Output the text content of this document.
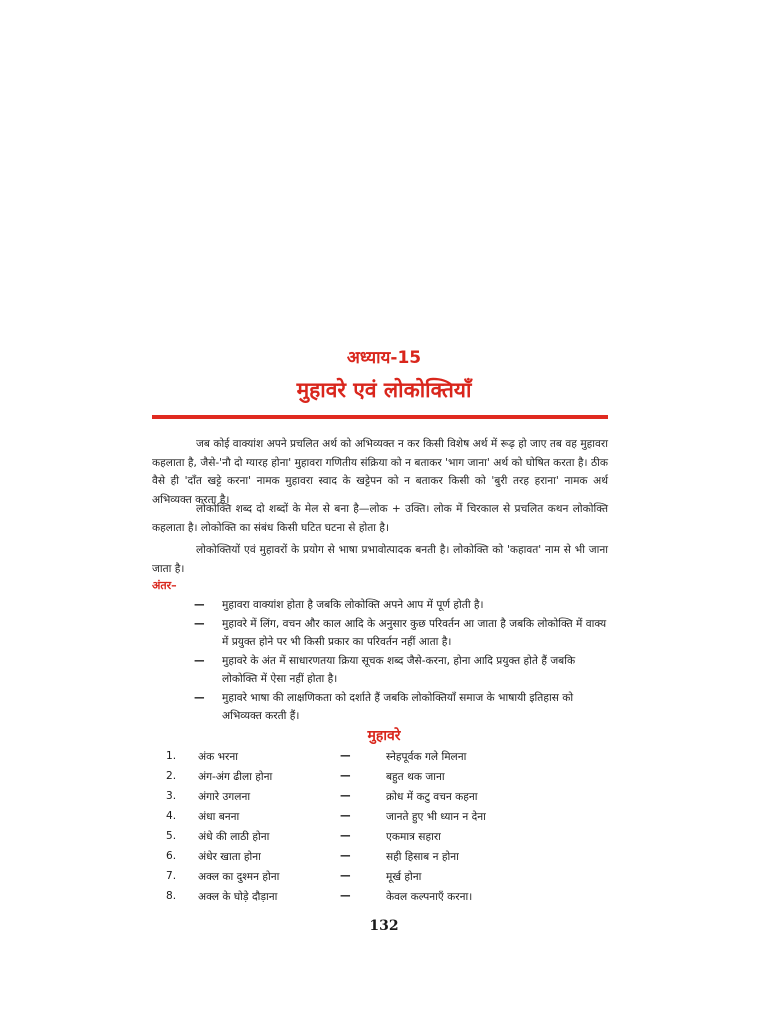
अध्याय-15
मुहावरे एवं लोकोक्तियाँ

जब कोई वाक्यांश अपने प्रचलित अर्थ को अभिव्यक्त न कर किसी विशेष अर्थ में रूढ़ हो जाए तब वह मुहावरा कहलाता है, जैसे-'नौ दो ग्यारह होना' मुहावरा गणितीय संक्रिया को न बताकर 'भाग जाना' अर्थ को घोषित करता है। ठीक वैसे ही 'दाँत खट्टे करना' नामक मुहावरा स्वाद के खट्टेपन को न बताकर किसी को 'बुरी तरह हराना' नामक अर्थ अभिव्यक्त करता है।

लोकोक्ति शब्द दो शब्दों के मेल से बना है—लोक + उक्ति। लोक में चिरकाल से प्रचलित कथन लोकोक्ति कहलाता है। लोकोक्ति का संबंध किसी घटित घटना से होता है।

लोकोक्तियों एवं मुहावरों के प्रयोग से भाषा प्रभावोत्पादक बनती है। लोकोक्ति को 'कहावत' नाम से भी जाना जाता है।

अंतर–
— मुहावरा वाक्यांश होता है जबकि लोकोक्ति अपने आप में पूर्ण होती है।
— मुहावरे में लिंग, वचन और काल आदि के अनुसार कुछ परिवर्तन आ जाता है जबकि लोकोक्ति में वाक्य में प्रयुक्त होने पर भी किसी प्रकार का परिवर्तन नहीं आता है।
— मुहावरे के अंत में साधारणतया क्रिया सूचक शब्द जैसे-करना, होना आदि प्रयुक्त होते हैं जबकि लोकोक्ति में ऐसा नहीं होता है।
— मुहावरे भाषा की लाक्षणिकता को दर्शाते हैं जबकि लोकोक्तियाँ समाज के भाषायी इतिहास को अभिव्यक्त करती हैं।
मुहावरे
1. अंक भरना	—	स्नेहपूर्वक गले मिलना
2. अंग-अंग ढीला होना	—	बहुत थक जाना
3. अंगारे उगलना	—	क्रोध में कटु वचन कहना
4. अंधा बनना	—	जानते हुए भी ध्यान न देना
5. अंधे की लाठी होना	—	एकमात्र सहारा
6. अंधेर खाता होना	—	सही हिसाब न होना
7. अक्ल का दुश्मन होना	—	मूर्ख होना
8. अक्ल के घोड़े दौड़ाना	—	केवल कल्पनाएँ करना।
132
